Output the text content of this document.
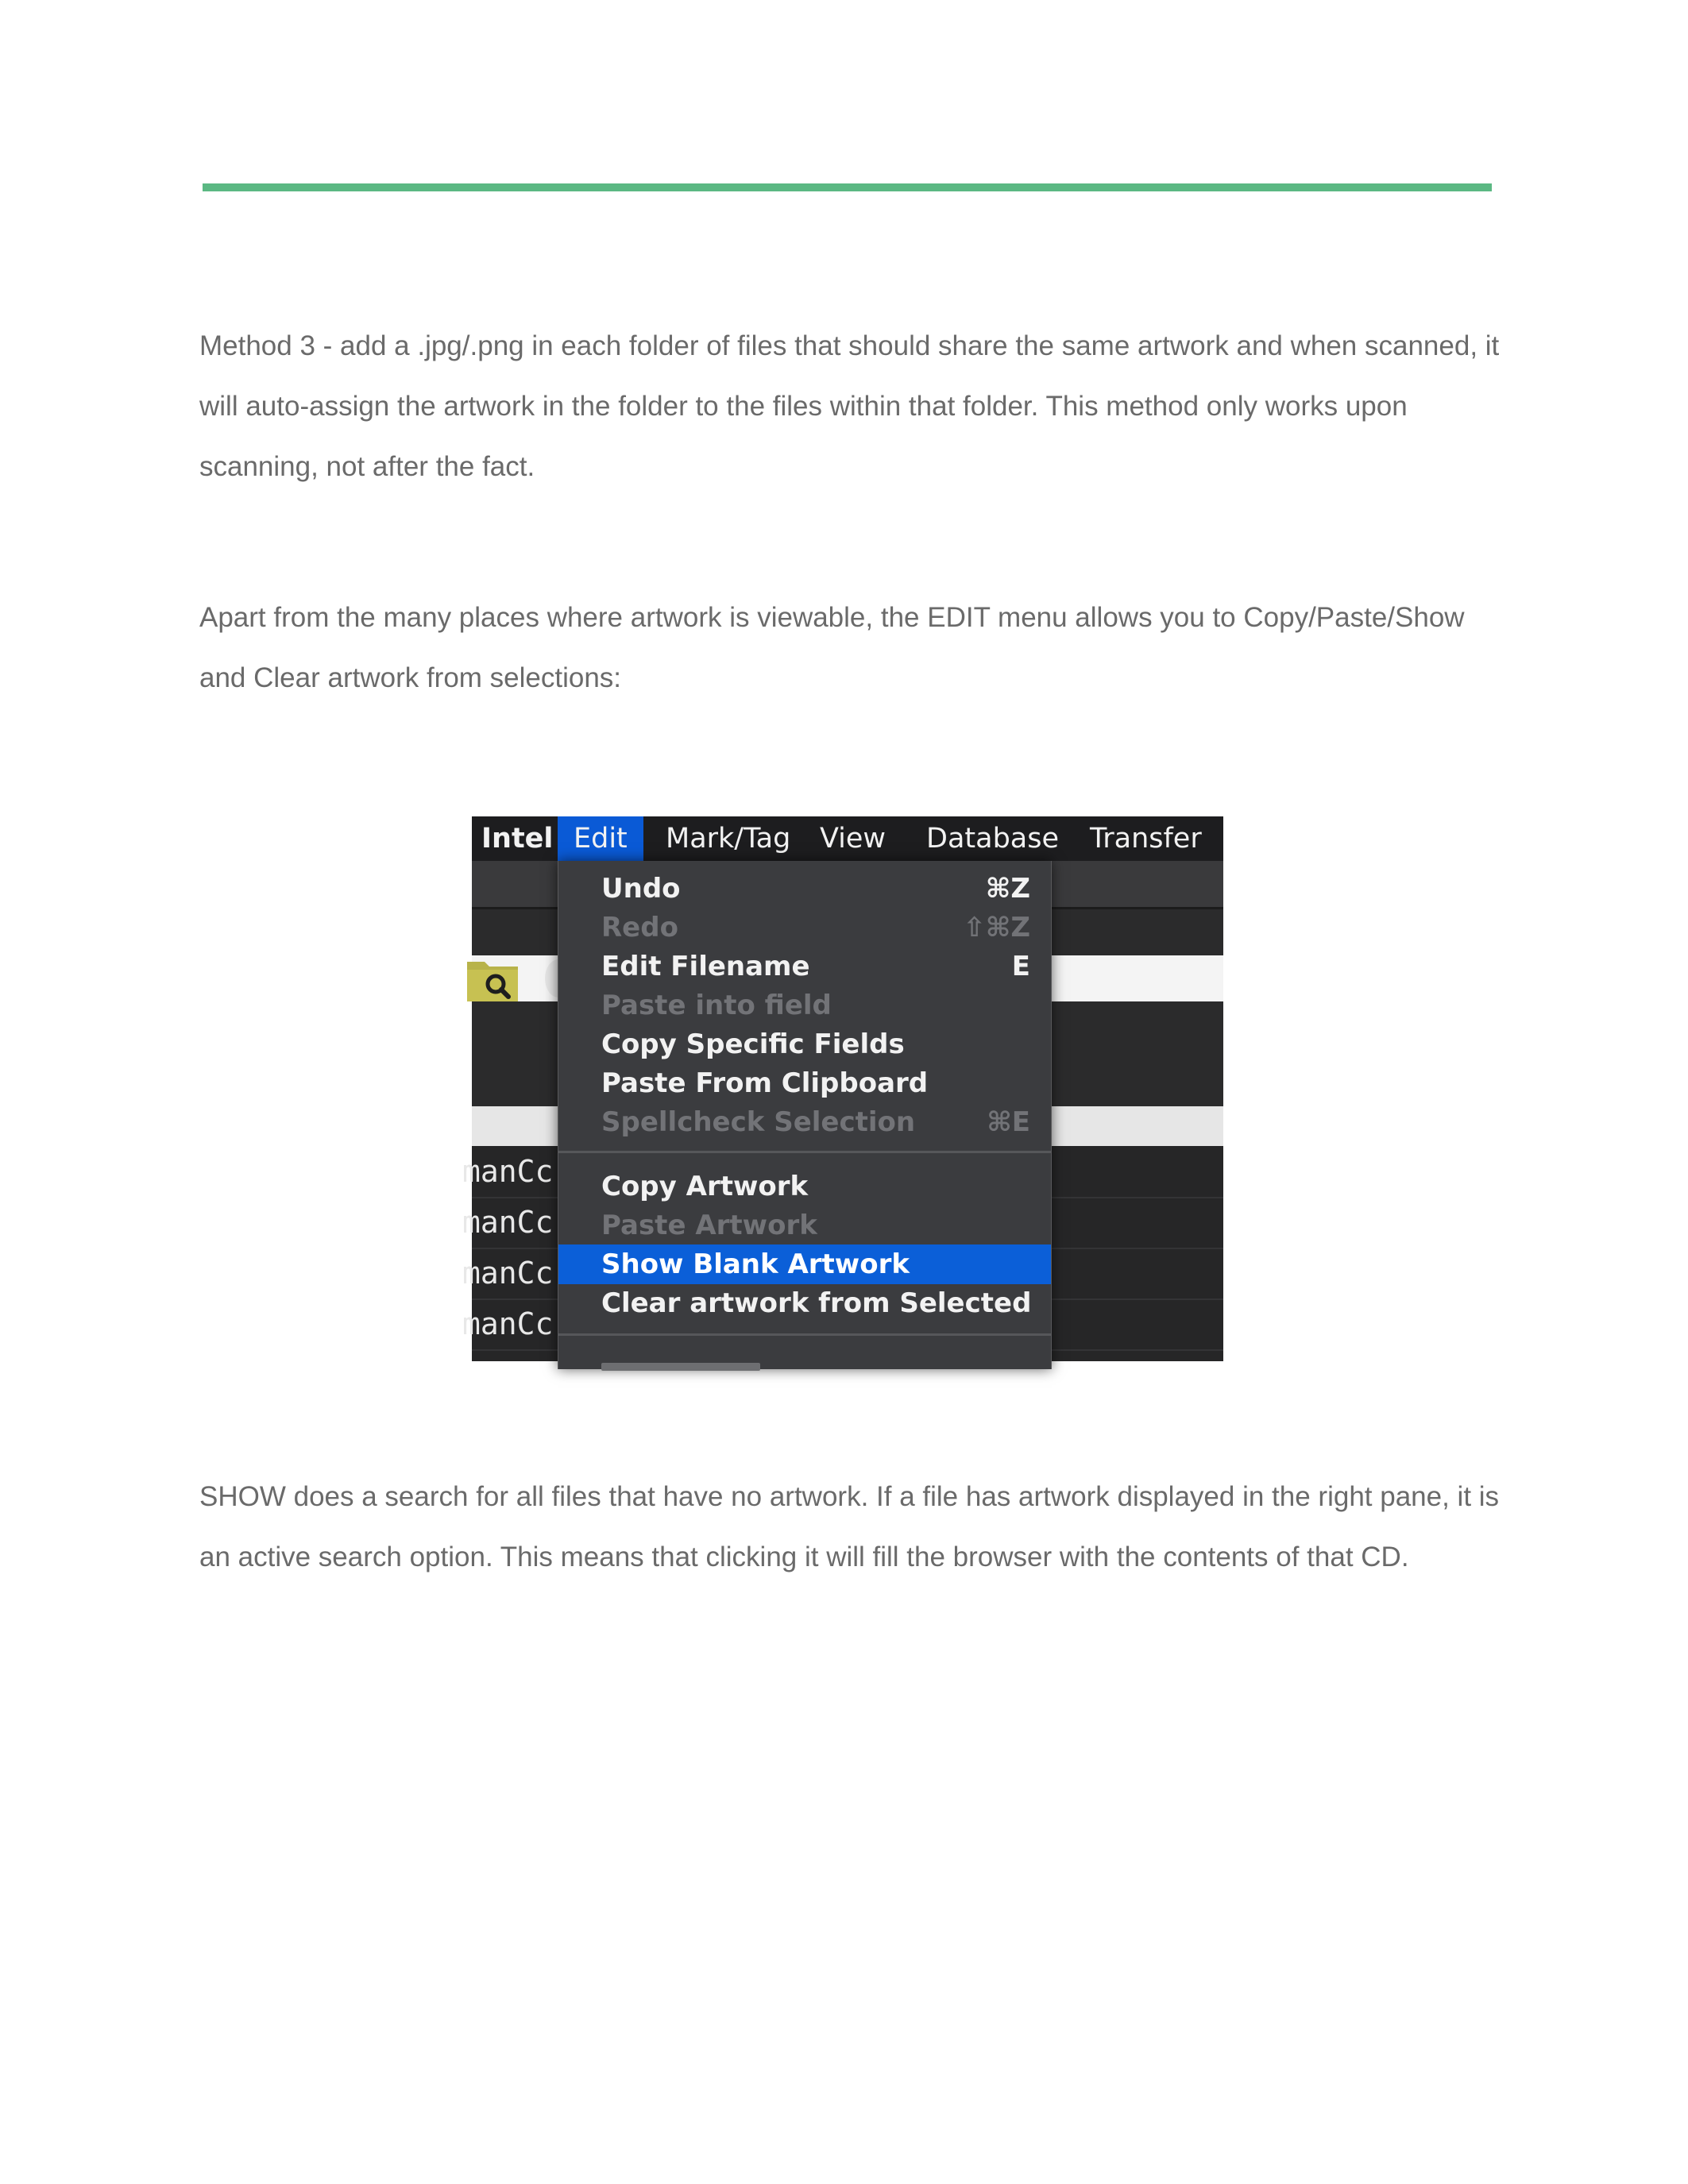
Method 3 - add a .jpg/.png in each folder of files that should share the same artwork and when scanned, it will auto-assign the artwork in the folder to the files within that folder. This method only works upon scanning, not after the fact.

Apart from the many places where artwork is viewable, the EDIT menu allows you to Copy/Paste/Show and Clear artwork from selections:

Intel Edit	Mark/Tag	View	Database	Transfer
manCc
manCc
manCc
manCc
Undo	⌘Z
Redo	⇧⌘Z
Edit Filename	E
Paste into field
Copy Specific Fields
Paste From Clipboard
Spellcheck Selection	⌘E
Copy Artwork
Paste Artwork
Show Blank Artwork
Clear artwork from Selected

SHOW does a search for all files that have no artwork. If a file has artwork displayed in the right pane, it is an active search option. This means that clicking it will fill the browser with the contents of that CD.
